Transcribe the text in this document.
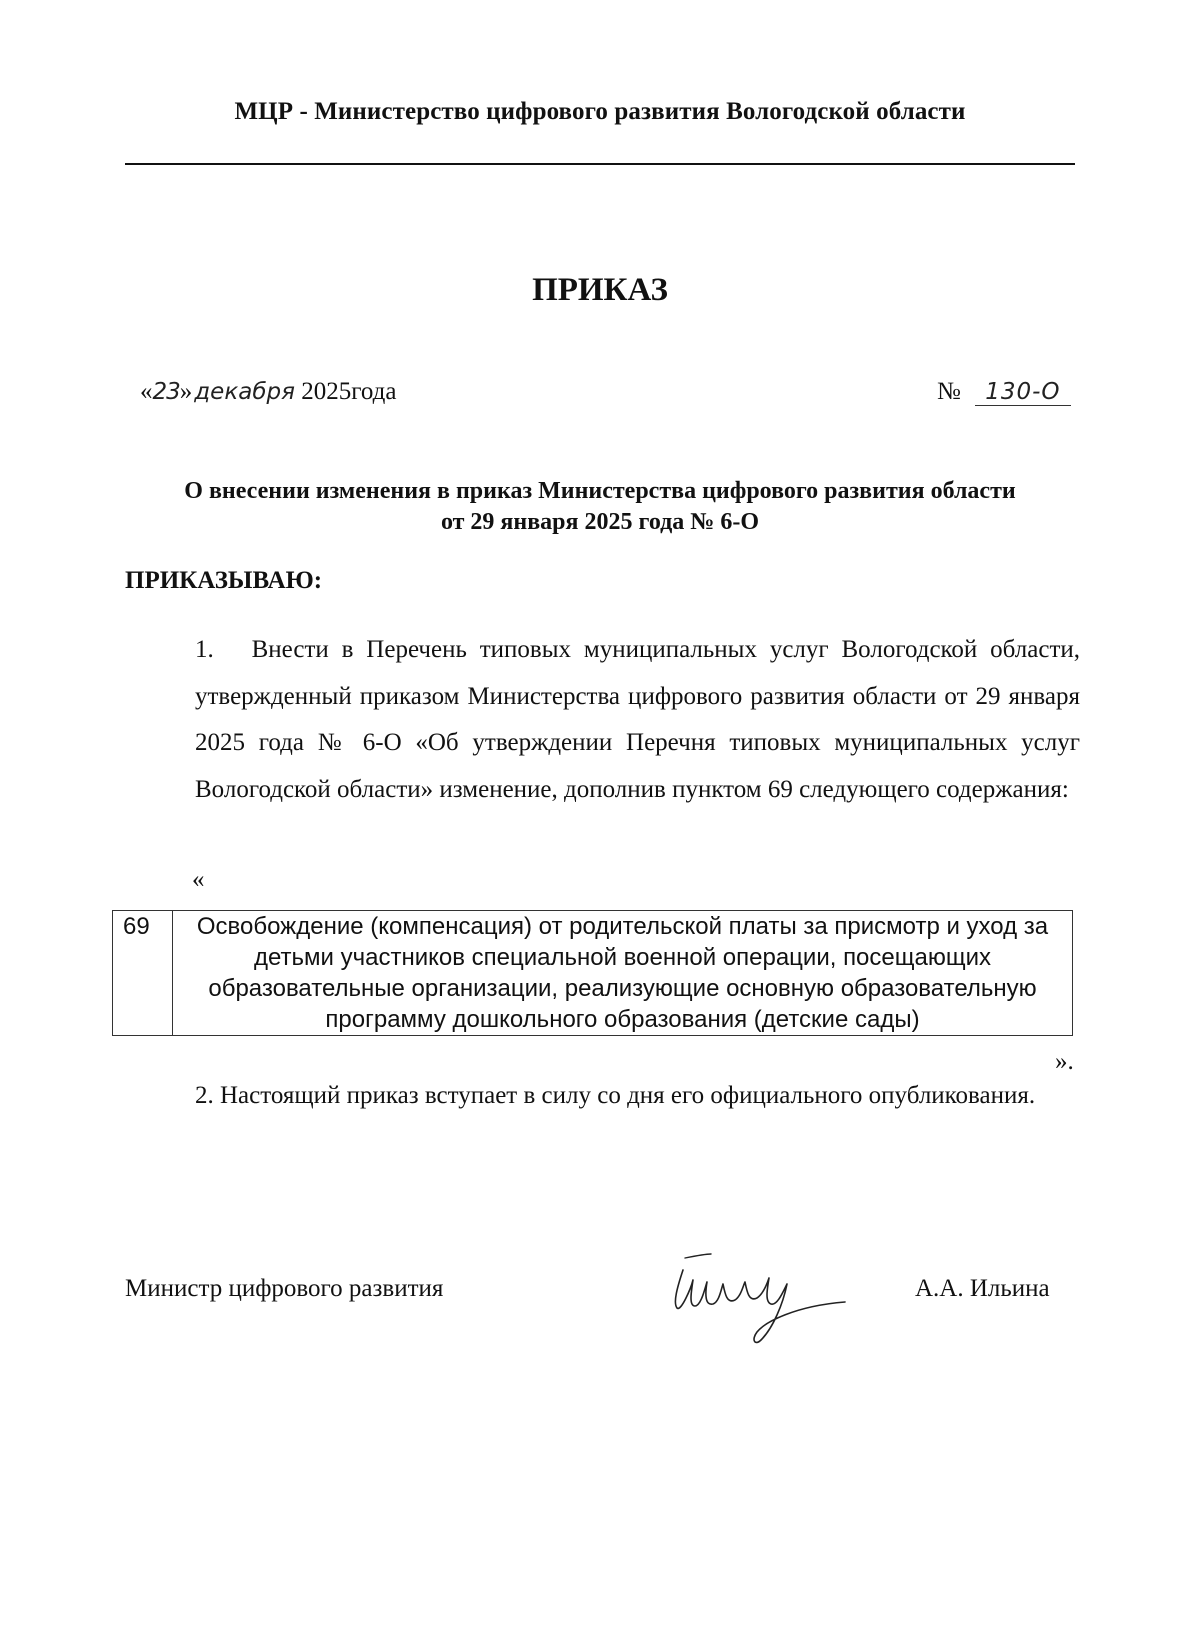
МЦР - Министерство цифрового развития Вологодской области
ПРИКАЗ
«23»декабря 2025года	№ 130-О
О внесении изменения в приказ Министерства цифрового развития области
от 29 января 2025 года № 6-О
ПРИКАЗЫВАЮ:
1.  Внести в Перечень типовых муниципальных услуг Вологодской области, утвержденный приказом Министерства цифрового развития области от 29 января 2025 года № 6-О «Об утверждении Перечня типовых муниципальных услуг Вологодской области» изменение, дополнив пунктом 69 следующего содержания:
«
69	Освобождение (компенсация) от родительской платы за присмотр и уход за детьми участников специальной военной операции, посещающих образовательные организации, реализующие основную образовательную программу дошкольного образования (детские сады)
».
2. Настоящий приказ вступает в силу со дня его официального опубликования.
Министр цифрового развития	А.А. Ильина
